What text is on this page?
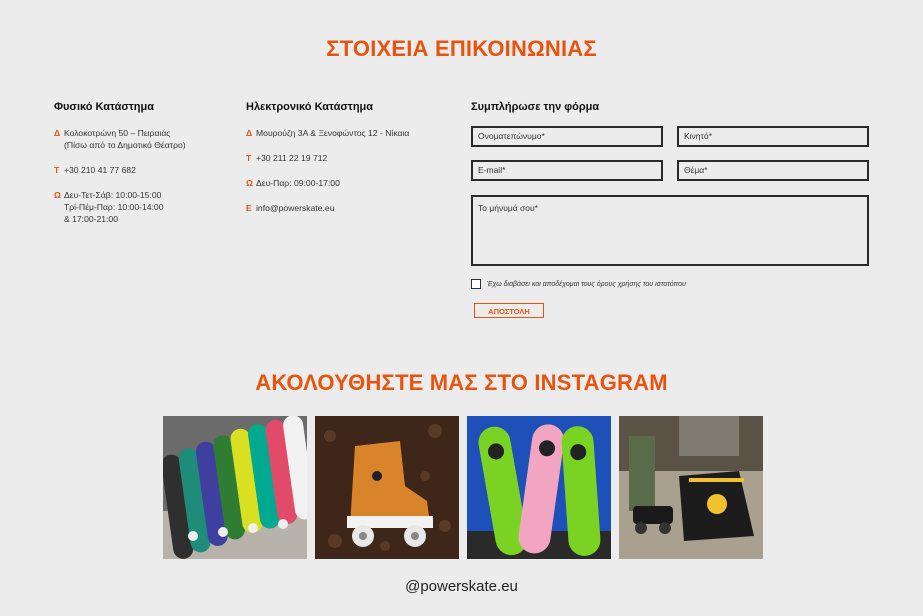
ΣΤΟΙΧΕΙΑ ΕΠΙΚΟΙΝΩΝΙΑΣ
Φυσικό Κατάστημα
Δ Κολοκοτρώνη 50 – Πειραιάς
(Πίσω από το Δημοτικό Θέατρο)
Τ +30 210 41 77 682
Ω Δευ-Τετ-Σάβ: 10:00-15:00
Τρί-Πέμ-Παρ: 10:00-14:00
& 17:00-21:00
Ηλεκτρονικό Κατάστημα
Δ Μουρούζη 3Α & Ξενοφώντος 12 - Νίκαια
Τ +30 211 22 19 712
Ω Δευ-Παρ: 09:00-17:00
Ε info@powerskate.eu
Συμπλήρωσε την φόρμα
Ονοματεπώνυμο*	Κινητό*
E-mail*	Θέμα*
Το μήνυμά σου*
Έχω διαβάσει και αποδέχομαι τους όρους χρήσης του ιστοτόπου
ΑΠΟΣΤΟΛΗ
ΑΚΟΛΟΥΘΗΣΤΕ ΜΑΣ ΣΤΟ INSTAGRAM
@powerskate.eu
